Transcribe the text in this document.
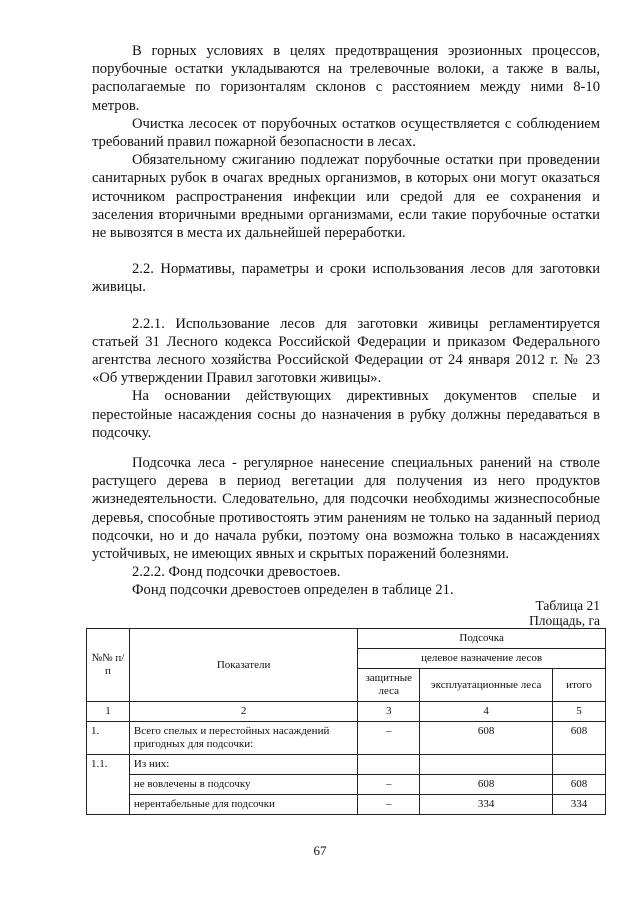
В горных условиях в целях предотвращения эрозионных процессов, порубочные остатки укладываются на трелевочные волоки, а также в валы, располагаемые по горизонталям склонов с расстоянием между ними 8-10 метров.

Очистка лесосек от порубочных остатков осуществляется с соблюдением требований правил пожарной безопасности в лесах.

Обязательному сжиганию подлежат порубочные остатки при проведении санитарных рубок в очагах вредных организмов, в которых они могут оказаться источником распространения инфекции или средой для ее сохранения и заселения вторичными вредными организмами, если такие порубочные остатки не вывозятся в места их дальнейшей переработки.

2.2. Нормативы, параметры и сроки использования лесов для заготовки живицы.

2.2.1. Использование лесов для заготовки живицы регламентируется статьей 31 Лесного кодекса Российской Федерации и приказом Федерального агентства лесного хозяйства Российской Федерации от 24 января 2012 г. № 23 «Об утверждении Правил заготовки живицы».

На основании действующих директивных документов спелые и перестойные насаждения сосны до назначения в рубку должны передаваться в подсочку.

Подсочка леса - регулярное нанесение специальных ранений на стволе растущего дерева в период вегетации для получения из него продуктов жизнедеятельности. Следовательно, для подсочки необходимы жизнеспособные деревья, способные противостоять этим ранениям не только на заданный период подсочки, но и до начала рубки, поэтому она возможна только в насаждениях устойчивых, не имеющих явных и скрытых поражений болезнями.

2.2.2. Фонд подсочки древостоев.

Фонд подсочки древостоев определен в таблице 21.

Таблица 21
Площадь, га
№№ п/п	Показатели	Подсочка		
		целевое назначение лесов		
		защитные леса	эксплуатационные леса	итого
1	2	3	4	5
1.	Всего спелых и перестойных насаждений пригодных для подсочки:	–	608	608
1.1.	Из них:			
	не вовлечены в подсочку	–	608	608
	нерентабельные для подсочки	–	334	334
67
